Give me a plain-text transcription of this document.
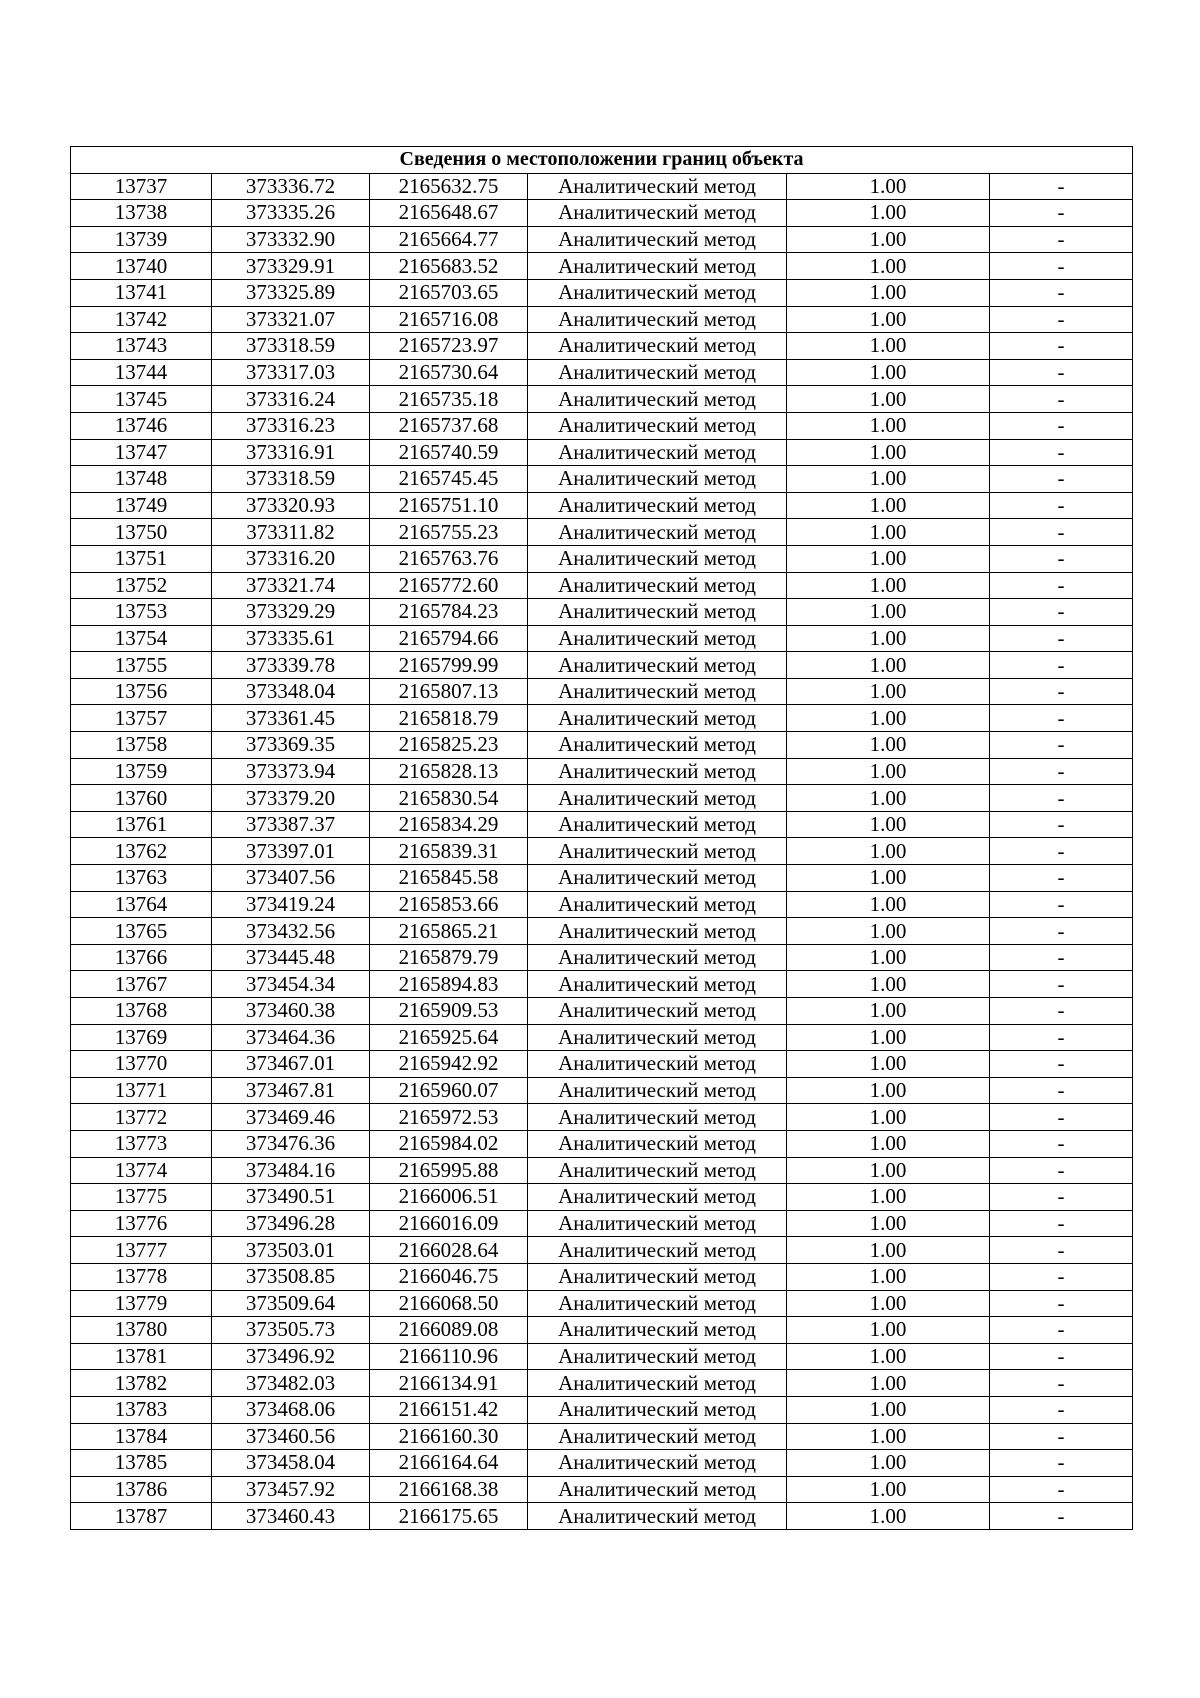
Сведения о местоположении границ объекта					
13737	373336.72	2165632.75	Аналитический метод	1.00	-
13738	373335.26	2165648.67	Аналитический метод	1.00	-
13739	373332.90	2165664.77	Аналитический метод	1.00	-
13740	373329.91	2165683.52	Аналитический метод	1.00	-
13741	373325.89	2165703.65	Аналитический метод	1.00	-
13742	373321.07	2165716.08	Аналитический метод	1.00	-
13743	373318.59	2165723.97	Аналитический метод	1.00	-
13744	373317.03	2165730.64	Аналитический метод	1.00	-
13745	373316.24	2165735.18	Аналитический метод	1.00	-
13746	373316.23	2165737.68	Аналитический метод	1.00	-
13747	373316.91	2165740.59	Аналитический метод	1.00	-
13748	373318.59	2165745.45	Аналитический метод	1.00	-
13749	373320.93	2165751.10	Аналитический метод	1.00	-
13750	373311.82	2165755.23	Аналитический метод	1.00	-
13751	373316.20	2165763.76	Аналитический метод	1.00	-
13752	373321.74	2165772.60	Аналитический метод	1.00	-
13753	373329.29	2165784.23	Аналитический метод	1.00	-
13754	373335.61	2165794.66	Аналитический метод	1.00	-
13755	373339.78	2165799.99	Аналитический метод	1.00	-
13756	373348.04	2165807.13	Аналитический метод	1.00	-
13757	373361.45	2165818.79	Аналитический метод	1.00	-
13758	373369.35	2165825.23	Аналитический метод	1.00	-
13759	373373.94	2165828.13	Аналитический метод	1.00	-
13760	373379.20	2165830.54	Аналитический метод	1.00	-
13761	373387.37	2165834.29	Аналитический метод	1.00	-
13762	373397.01	2165839.31	Аналитический метод	1.00	-
13763	373407.56	2165845.58	Аналитический метод	1.00	-
13764	373419.24	2165853.66	Аналитический метод	1.00	-
13765	373432.56	2165865.21	Аналитический метод	1.00	-
13766	373445.48	2165879.79	Аналитический метод	1.00	-
13767	373454.34	2165894.83	Аналитический метод	1.00	-
13768	373460.38	2165909.53	Аналитический метод	1.00	-
13769	373464.36	2165925.64	Аналитический метод	1.00	-
13770	373467.01	2165942.92	Аналитический метод	1.00	-
13771	373467.81	2165960.07	Аналитический метод	1.00	-
13772	373469.46	2165972.53	Аналитический метод	1.00	-
13773	373476.36	2165984.02	Аналитический метод	1.00	-
13774	373484.16	2165995.88	Аналитический метод	1.00	-
13775	373490.51	2166006.51	Аналитический метод	1.00	-
13776	373496.28	2166016.09	Аналитический метод	1.00	-
13777	373503.01	2166028.64	Аналитический метод	1.00	-
13778	373508.85	2166046.75	Аналитический метод	1.00	-
13779	373509.64	2166068.50	Аналитический метод	1.00	-
13780	373505.73	2166089.08	Аналитический метод	1.00	-
13781	373496.92	2166110.96	Аналитический метод	1.00	-
13782	373482.03	2166134.91	Аналитический метод	1.00	-
13783	373468.06	2166151.42	Аналитический метод	1.00	-
13784	373460.56	2166160.30	Аналитический метод	1.00	-
13785	373458.04	2166164.64	Аналитический метод	1.00	-
13786	373457.92	2166168.38	Аналитический метод	1.00	-
13787	373460.43	2166175.65	Аналитический метод	1.00	-
